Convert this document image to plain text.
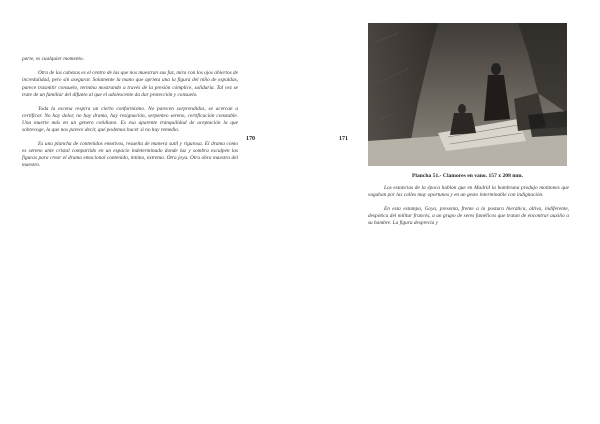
parte, es cualquier momento.

Otra de las cabezas es el centro de las que nos muestran sus faz, mira con los ojos abiertos de incredulidad, pero sin asegurar. Solamente la mano que aprieta una la figura del niño de espaldas, parece trasmitir consuelo, termina mostrando a través de la presión cómplice, solidaria. Tal vez se trate de un familiar del difunto al que el adolescente da dar protección y consuelo.

Toda la escena respira un cierto conformismo. No parecen sorprendidos, se acercan a certificar. No hay dolor, no hay drama, hay resignación, serpenteo sereno, certificación constable. Una muerte más en un genero cotidiano. Es esa aparente tranquilidad de aceptación la que sobrecoge, la que nos parece decir, qué podemos hacer si no hay remedio.

Es una plancha de contenidos emotivos, resuelta de manera sutil y rigurosa. El drama como es sereno ante cristal compartido en un espacio indeterminado donde luz y sombra esculpen las figuras para crear el drama emocional contenido, íntimo, extremo. Otra joya. Otra obra maestra del maestro.

170	171
Plancha 51.- Clamores en vano. 157 x 208 mm.

Los estancias de la época hablan que en Madrid la hambruna produjo montones que vagaban por las calles muy oportunos y en un gesto interminable con indignación.

En esta estampa, Goya, presenta, frente a la postura hierática, altiva, indiferente, despótica del militar francés, a un grupo de seres famélicos que tratan de encontrar auxilio a su hambre. La figura desprecia y
